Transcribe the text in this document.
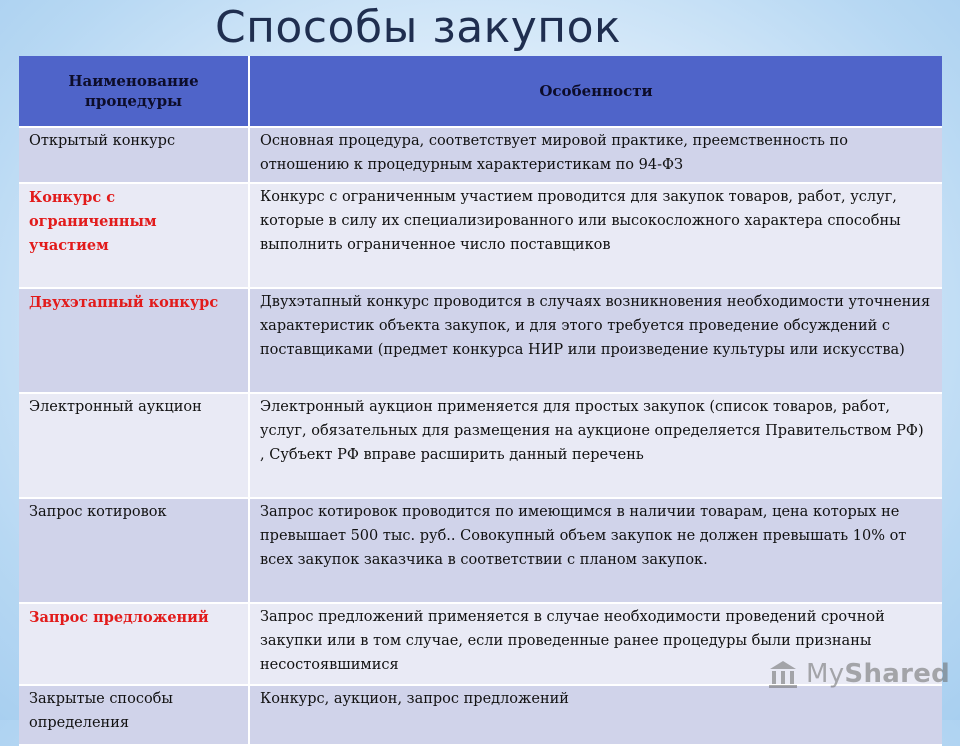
Способы закупок
Наименование процедуры	Особенности
Открытый конкурс	Основная процедура, соответствует мировой практике, преемственность по отношению к процедурным характеристикам по 94-ФЗ
Конкурс с ограниченным участием	Конкурс с ограниченным участием проводится для закупок товаров, работ, услуг, которые в силу их специализированного или высокосложного характера способны выполнить ограниченное число поставщиков
Двухэтапный конкурс	Двухэтапный конкурс проводится в случаях возникновения необходимости уточнения характеристик объекта закупок, и для этого требуется проведение обсуждений с поставщиками (предмет конкурса НИР или произведение культуры или искусства)
Электронный аукцион	Электронный аукцион применяется для простых закупок (список товаров, работ, услуг, обязательных для размещения на аукционе определяется Правительством РФ) , Субъект РФ вправе расширить данный перечень
Запрос котировок	Запрос котировок проводится по имеющимся в наличии товарам, цена которых не превышает 500 тыс. руб.. Совокупный объем закупок не должен превышать 10% от всех закупок заказчика в соответствии с планом закупок.
Запрос предложений	Запрос предложений применяется в случае необходимости проведений срочной закупки или в том случае, если проведенные ранее процедуры были признаны несостоявшимися
Закрытые способы определения	Конкурс, аукцион, запрос предложений
MyShared
